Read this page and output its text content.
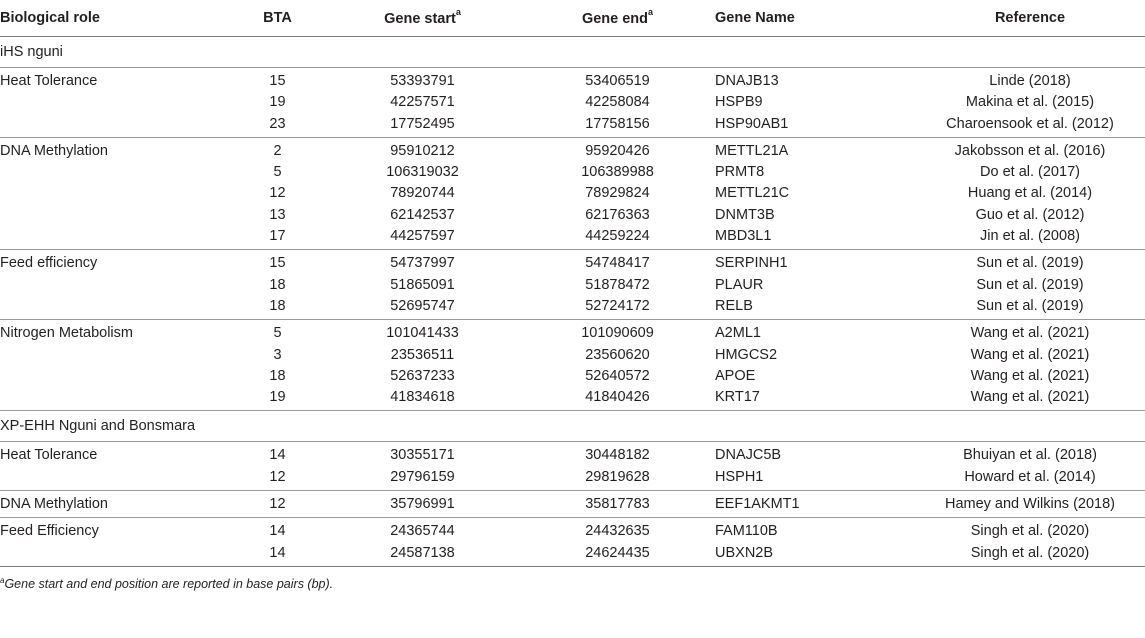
Biological role	BTA	Gene start$^a$	Gene end$^a$	Gene Name	Reference
iHS nguni					
Heat Tolerance	15	53393791	53406519	DNAJB13	Linde (2018)
	19	42257571	42258084	HSPB9	Makina et al. (2015)
	23	17752495	17758156	HSP90AB1	Charoensook et al. (2012)
DNA Methylation	2	95910212	95920426	METTL21A	Jakobsson et al. (2016)
	5	106319032	106389988	PRMT8	Do et al. (2017)
	12	78920744	78929824	METTL21C	Huang et al. (2014)
	13	62142537	62176363	DNMT3B	Guo et al. (2012)
	17	44257597	44259224	MBD3L1	Jin et al. (2008)
Feed efficiency	15	54737997	54748417	SERPINH1	Sun et al. (2019)
	18	51865091	51878472	PLAUR	Sun et al. (2019)
	18	52695747	52724172	RELB	Sun et al. (2019)
Nitrogen Metabolism	5	101041433	101090609	A2ML1	Wang et al. (2021)
	3	23536511	23560620	HMGCS2	Wang et al. (2021)
	18	52637233	52640572	APOE	Wang et al. (2021)
	19	41834618	41840426	KRT17	Wang et al. (2021)
XP-EHH Nguni and Bonsmara					
Heat Tolerance	14	30355171	30448182	DNAJC5B	Bhuiyan et al. (2018)
	12	29796159	29819628	HSPH1	Howard et al. (2014)
DNA Methylation	12	35796991	35817783	EEF1AKMT1	Hamey and Wilkins (2018)
Feed Efficiency	14	24365744	24432635	FAM110B	Singh et al. (2020)
	14	24587138	24624435	UBXN2B	Singh et al. (2020)
$^a$Gene start and end position are reported in base pairs (bp).
